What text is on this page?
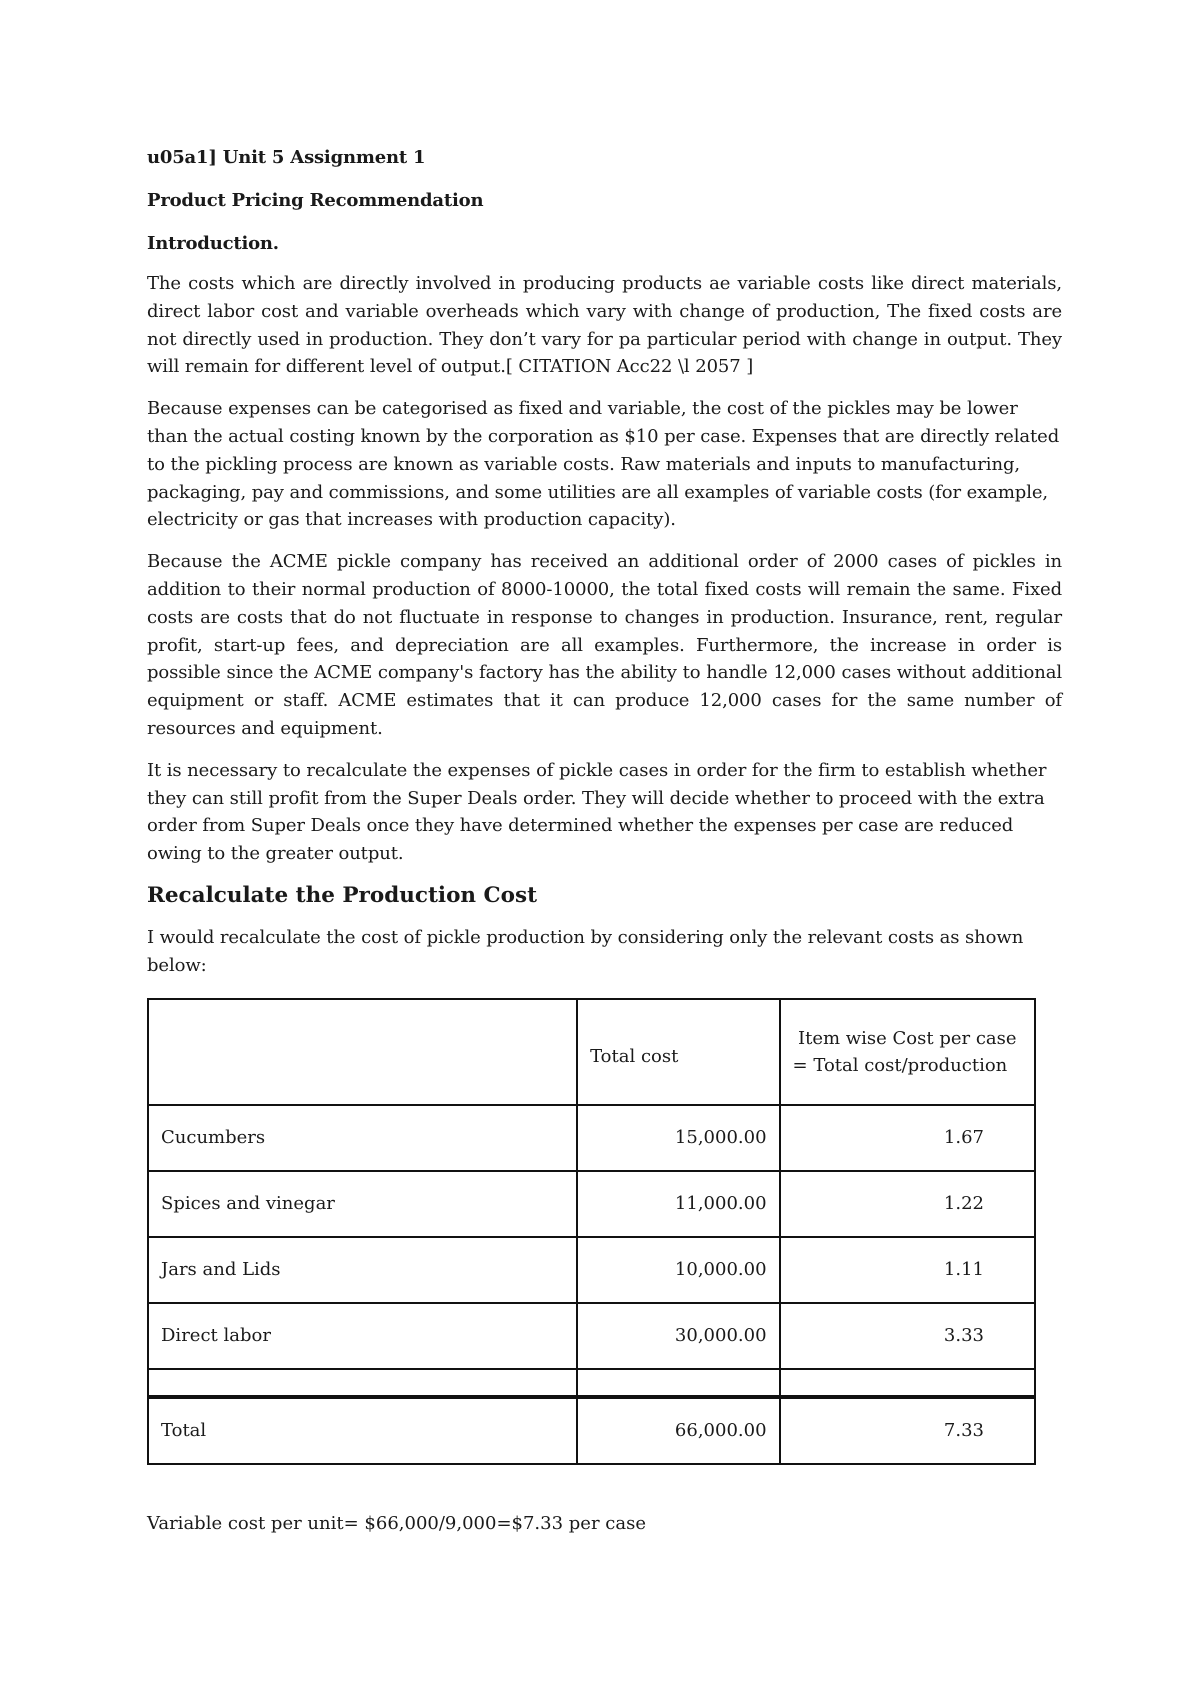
u05a1] Unit 5 Assignment 1

Product Pricing Recommendation

Introduction.

The costs which are directly involved in producing products ae variable costs like direct materials, direct labor cost and variable overheads which vary with change of production, The fixed costs are not directly used in production. They don’t vary for pa particular period with change in output. They will remain for different level of output.[ CITATION Acc22 \l 2057 ]

Because expenses can be categorised as fixed and variable, the cost of the pickles may be lower than the actual costing known by the corporation as $10 per case. Expenses that are directly related to the pickling process are known as variable costs. Raw materials and inputs to manufacturing, packaging, pay and commissions, and some utilities are all examples of variable costs (for example, electricity or gas that increases with production capacity).

Because the ACME pickle company has received an additional order of 2000 cases of pickles in addition to their normal production of 8000-10000, the total fixed costs will remain the same. Fixed costs are costs that do not fluctuate in response to changes in production. Insurance, rent, regular profit, start-up fees, and depreciation are all examples. Furthermore, the increase in order is possible since the ACME company's factory has the ability to handle 12,000 cases without additional equipment or staff. ACME estimates that it can produce 12,000 cases for the same number of resources and equipment.

It is necessary to recalculate the expenses of pickle cases in order for the firm to establish whether they can still profit from the Super Deals order. They will decide whether to proceed with the extra order from Super Deals once they have determined whether the expenses per case are reduced owing to the greater output.

Recalculate the Production Cost

I would recalculate the cost of pickle production by considering only the relevant costs as shown below:

	Total cost	Item wise Cost per case
= Total cost/production

Cucumbers	15,000.00	1.67
Spices and vinegar	11,000.00	1.22
Jars and Lids	10,000.00	1.11
Direct labor	30,000.00	3.33

Total	66,000.00	7.33

Variable cost per unit= $66,000/9,000=$7.33 per case
